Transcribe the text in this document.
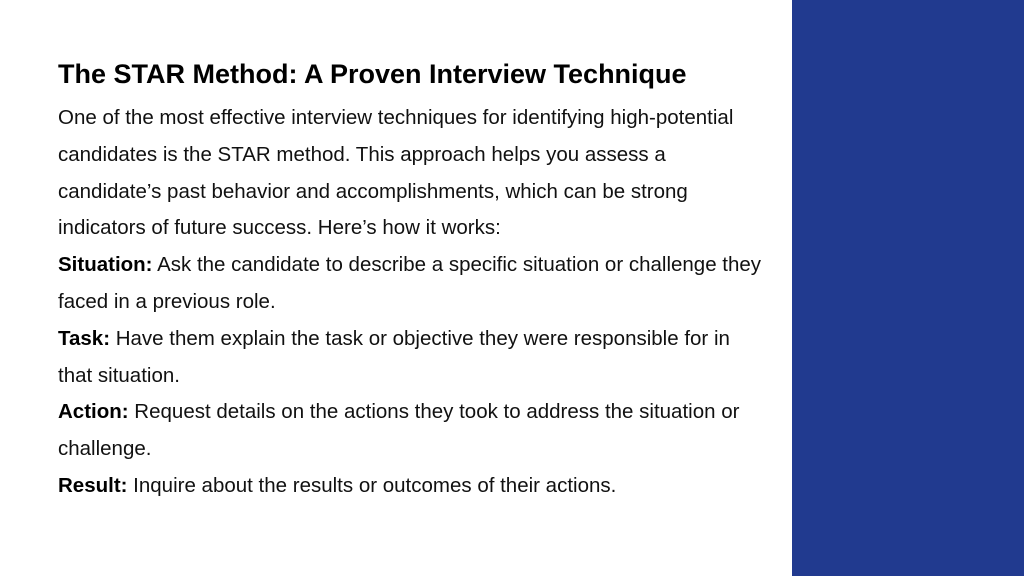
The STAR Method: A Proven Interview Technique

One of the most effective interview techniques for identifying high-potential candidates is the STAR method. This approach helps you assess a candidate’s past behavior and accomplishments, which can be strong indicators of future success. Here’s how it works:

Situation: Ask the candidate to describe a specific situation or challenge they faced in a previous role.

Task: Have them explain the task or objective they were responsible for in that situation.

Action: Request details on the actions they took to address the situation or challenge.

Result: Inquire about the results or outcomes of their actions.
